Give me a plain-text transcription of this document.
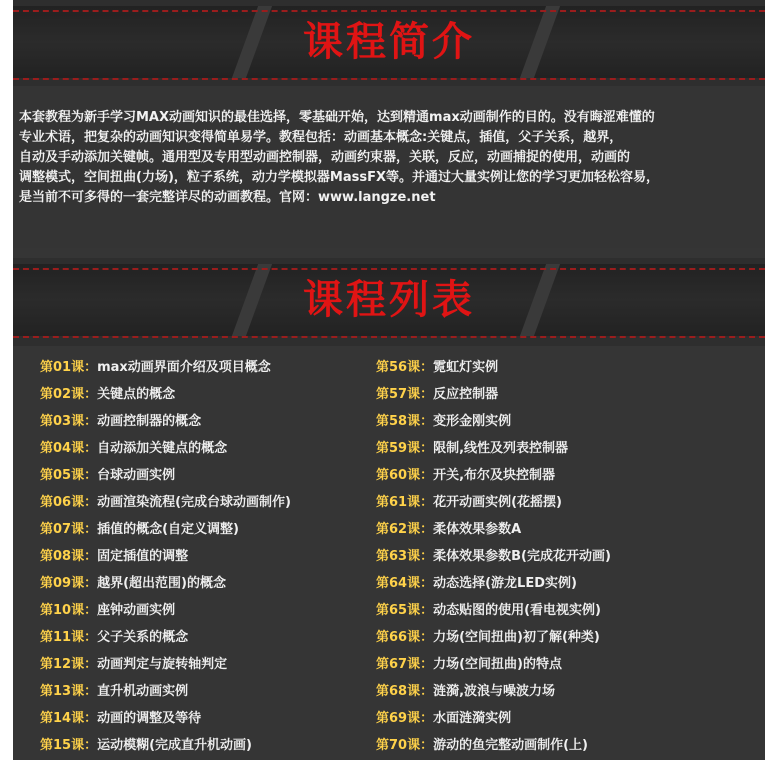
课程简介
本套教程为新手学习MAX动画知识的最佳选择，零基础开始，达到精通max动画制作的目的。没有晦涩难懂的
专业术语，把复杂的动画知识变得简单易学。教程包括：动画基本概念:关键点，插值，父子关系，越界，
自动及手动添加关键帧。通用型及专用型动画控制器，动画约束器，关联，反应，动画捕捉的使用，动画的
调整模式，空间扭曲(力场)，粒子系统，动力学模拟器MassFX等。并通过大量实例让您的学习更加轻松容易，
是当前不可多得的一套完整详尽的动画教程。官网：www.langze.net
课程列表
第01课：max动画界面介绍及项目概念
第02课：关键点的概念
第03课：动画控制器的概念
第04课：自动添加关键点的概念
第05课：台球动画实例
第06课：动画渲染流程(完成台球动画制作)
第07课：插值的概念(自定义调整)
第08课：固定插值的调整
第09课：越界(超出范围)的概念
第10课：座钟动画实例
第11课：父子关系的概念
第12课：动画判定与旋转轴判定
第13课：直升机动画实例
第14课：动画的调整及等待
第15课：运动模糊(完成直升机动画)
第56课：霓虹灯实例
第57课：反应控制器
第58课：变形金刚实例
第59课：限制,线性及列表控制器
第60课：开关,布尔及块控制器
第61课：花开动画实例(花摇摆)
第62课：柔体效果参数A
第63课：柔体效果参数B(完成花开动画)
第64课：动态选择(游龙LED实例)
第65课：动态贴图的使用(看电视实例)
第66课：力场(空间扭曲)初了解(种类)
第67课：力场(空间扭曲)的特点
第68课：涟漪,波浪与噪波力场
第69课：水面涟漪实例
第70课：游动的鱼完整动画制作(上)
